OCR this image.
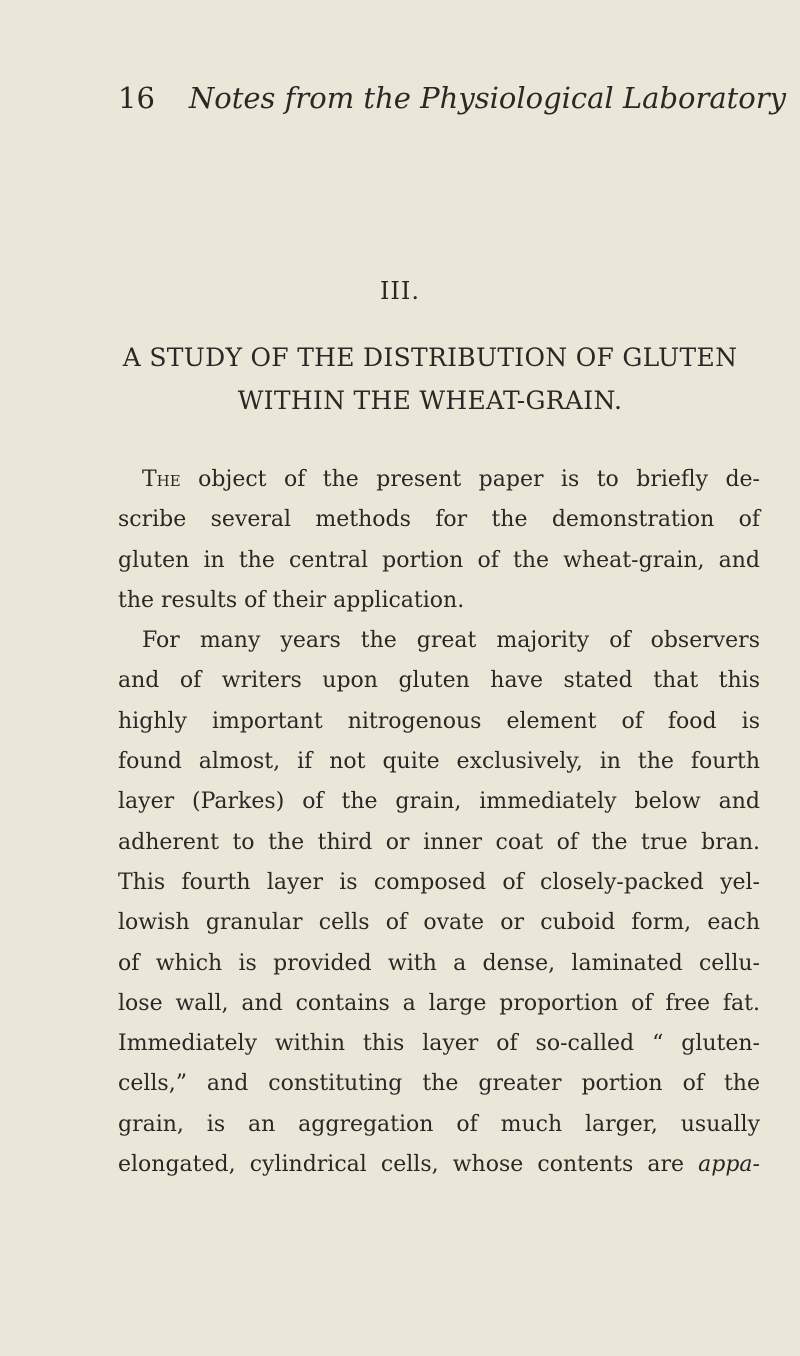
16 Notes from the Physiological Laboratory
III.
A STUDY OF THE DISTRIBUTION OF GLUTEN
WITHIN THE WHEAT-GRAIN.
The object of the present paper is to briefly de-
scribe several methods for the demonstration of
gluten in the central portion of the wheat-grain, and
the results of their application.
For many years the great majority of observers
and of writers upon gluten have stated that this
highly important nitrogenous element of food is
found almost, if not quite exclusively, in the fourth
layer (Parkes) of the grain, immediately below and
adherent to the third or inner coat of the true bran.
This fourth layer is composed of closely-packed yel-
lowish granular cells of ovate or cuboid form, each
of which is provided with a dense, laminated cellu-
lose wall, and contains a large proportion of free fat.
Immediately within this layer of so-called “ gluten-
cells,” and constituting the greater portion of the
grain, is an aggregation of much larger, usually
elongated, cylindrical cells, whose contents are appa-
